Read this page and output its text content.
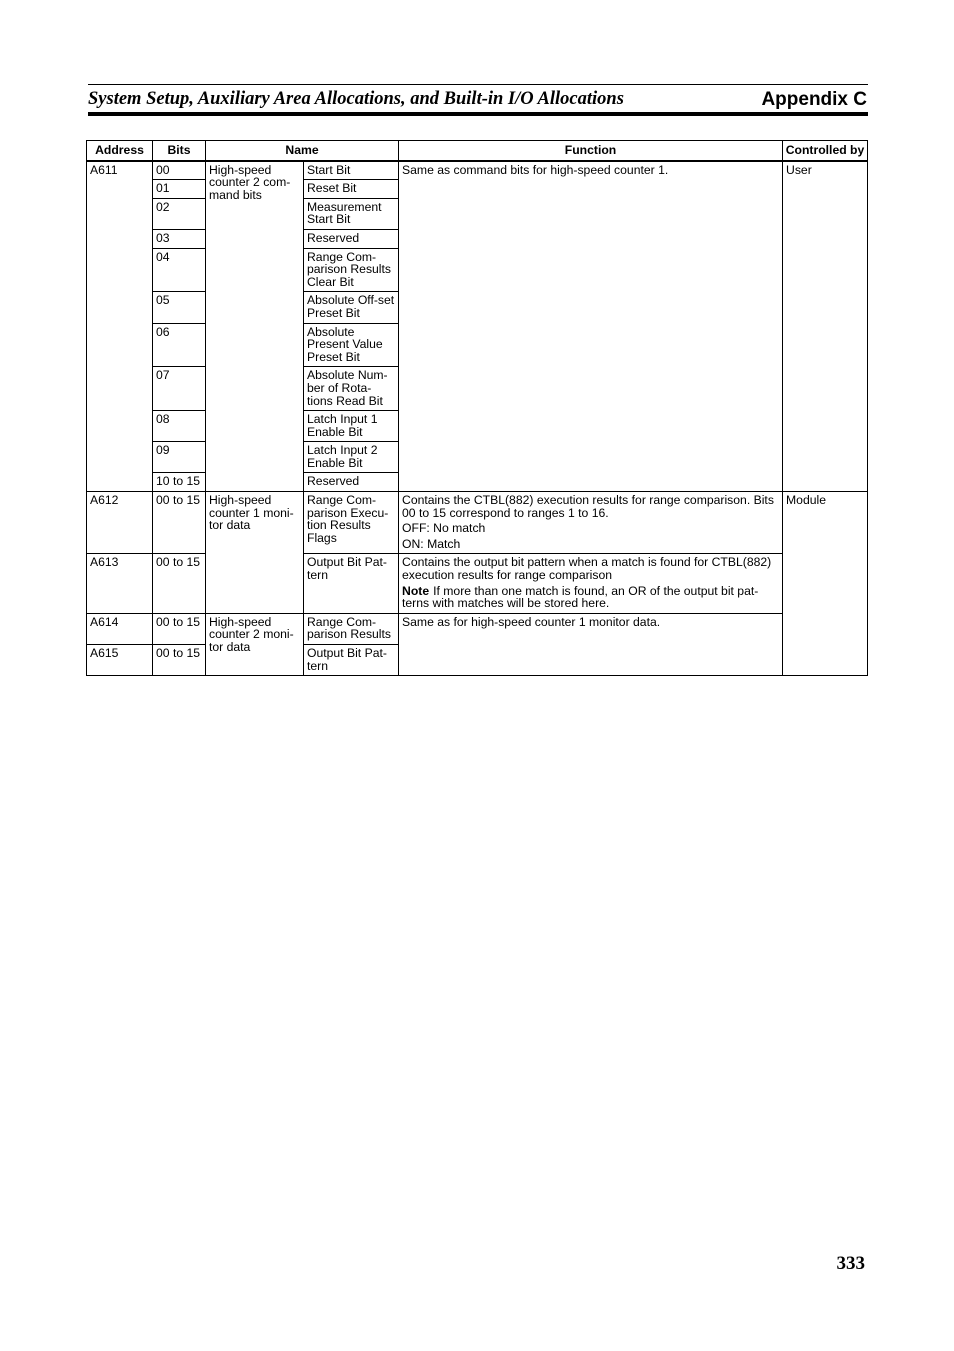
System Setup, Auxiliary Area Allocations, and Built-in I/O Allocations	Appendix C
Address	Bits	Name		Function	Controlled by
A611	00	High-speed counter 2 com-mand bits	Start Bit	Same as command bits for high-speed counter 1.	User
	01		Reset Bit		
	02		Measurement Start Bit		
	03		Reserved		
	04		Range Com-parison Results Clear Bit		
	05		Absolute Off-set Preset Bit		
	06		Absolute Present Value Preset Bit		
	07		Absolute Num-ber of Rota-tions Read Bit		
	08		Latch Input 1 Enable Bit		
	09		Latch Input 2 Enable Bit		
	10 to 15		Reserved		
A612	00 to 15	High-speed counter 1 moni-tor data	Range Com-parison Execu-tion Results Flags	Contains the CTBL(882) execution results for range comparison. Bits 00 to 15 correspond to ranges 1 to 16.
OFF: No match
ON: Match	Module
A613	00 to 15		Output Bit Pat-tern	Contains the output bit pattern when a match is found for CTBL(882) execution results for range comparison
Note If more than one match is found, an OR of the output bit pat-terns with matches will be stored here.	

A614	00 to 15	High-speed counter 2 moni-tor data	Range Com-parison Results	Same as for high-speed counter 1 monitor data.	
A615	00 to 15		Output Bit Pat-tern		
333
